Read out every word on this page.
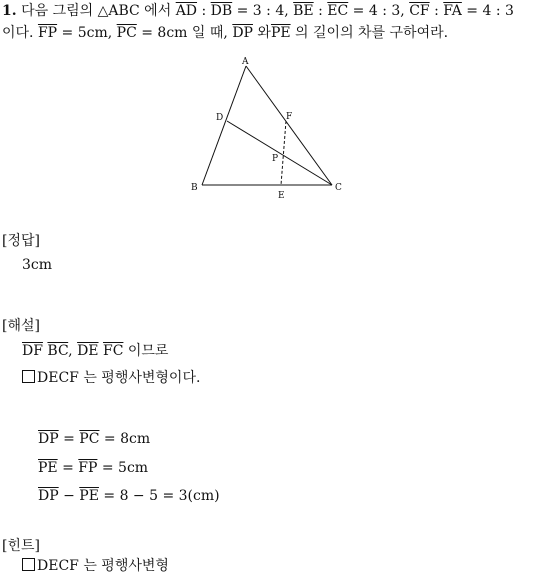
1. 다음 그림의 △ABC 에서 $\overline{AD}$ : $\overline{DB} = 3$ : 4, $\overline{BE}$ : $\overline{EC} = 4$ : 3, $\overline{CF}$ : $\overline{FA} = 4$ : 3
이다. $\overline{FP} = 5cm$, $\overline{PC} = 8cm$ 일 때, $\overline{DP}$ 와$\overline{PE}$ 의 길이의 차를 구하여라.
A
D	F
P
B
E
C
[정답]
3cm
[해설]
$\overline{DF}$ $\overline{BC}$, $\overline{DE}$ $\overline{FC}$ 이므로
DECF 는 평행사변형이다.
$\overline{DP} = \overline{PC} = 8cm$
$\overline{PE} = \overline{FP} = 5cm$
$\overline{DP} - \overline{PE} = 8 - 5 = 3(cm)$
[힌트]
DECF 는 평행사변형
